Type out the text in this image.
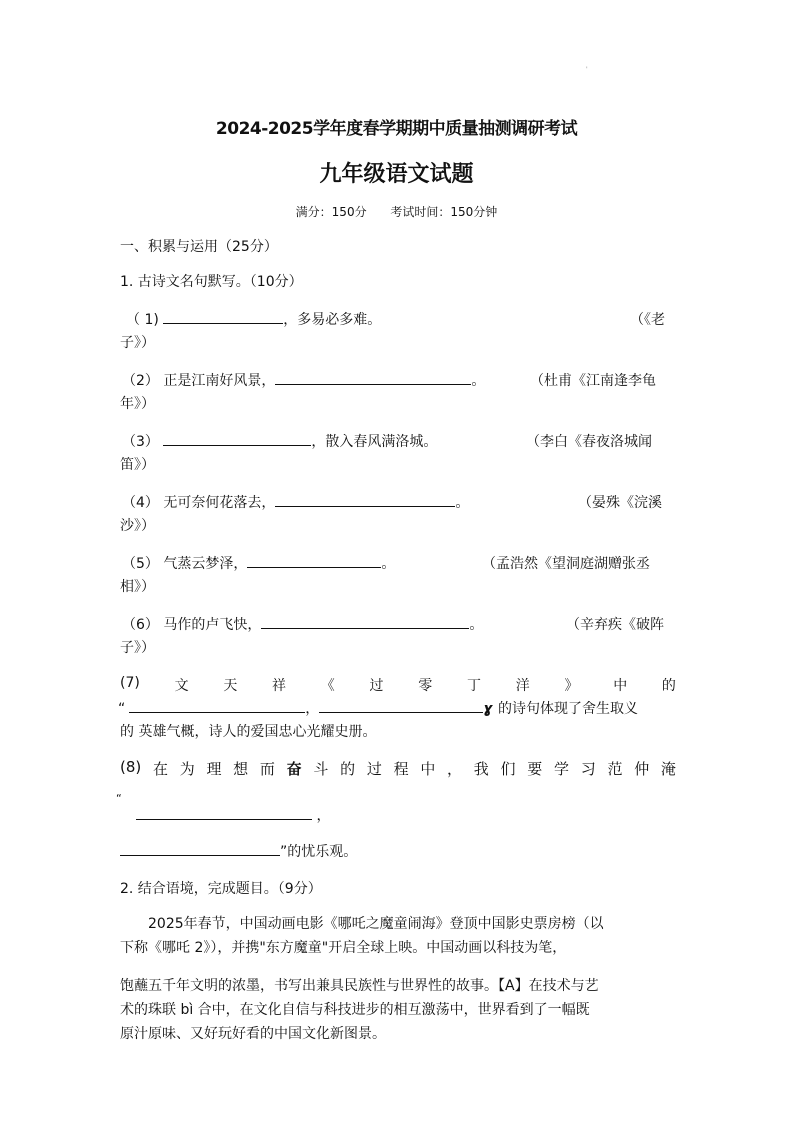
'
2024-2025学年度春学期期中质量抽测调研考试
九年级语文试题
满分：150分 考试时间：150分钟
一、积累与运用（25分）
1. 古诗文名句默写。（10分）
（ 1)	，多易必多难。	（《老
子》）
（2） 正是江南好风景，	。	（杜甫《江南逢李龟
年》）
（3）	，散入春风满洛城。	（李白《春夜洛城闻
笛》）
（4） 无可奈何花落去，	。	（晏殊《浣溪
沙》）
（5） 气蒸云梦泽，	。	（孟浩然《望洞庭湖赠张丞
相》）
（6） 马作的卢飞快，	。	（辛弃疾《破阵
子》）
(7) 文 天 祥 《 过 零 丁 洋 》 中 的
“	，	ɣ 的诗句体现了舍生取义
的 英雄气概，诗人的爱国忠心光耀史册。
(8) 在 为 理 想 而 奋 斗 的 过 程 中 ， 我 们 要 学 习 范 仲 淹
“
，
”的忧乐观。
2. 结合语境，完成题目。（9分）
2025年春节，中国动画电影《哪吒之魔童闹海》登顶中国影史票房榜（以
下称《哪吒 2》），并携"东方魔童"开启全球上映。中国动画以科技为笔，
饱蘸五千年文明的浓墨，书写出兼具民族性与世界性的故事。【A】在技术与艺
术的珠联 bì 合中，在文化自信与科技进步的相互激荡中，世界看到了一幅既
原汁原味、又好玩好看的中国文化新图景。
